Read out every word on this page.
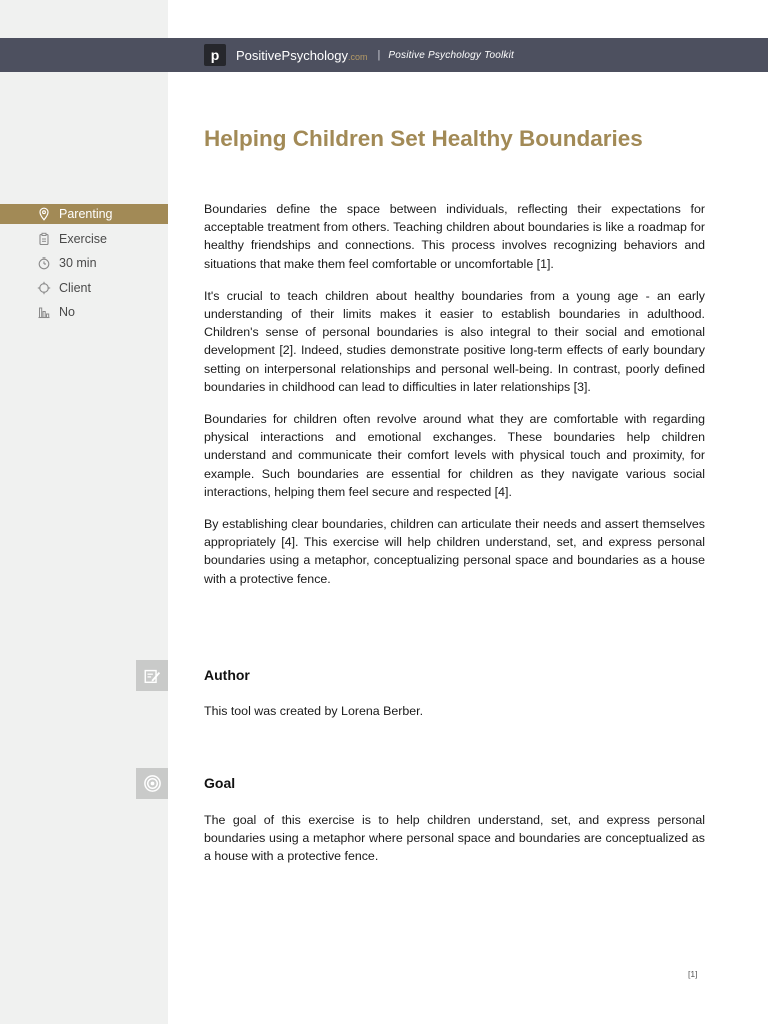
p PositivePsychology.com | Positive Psychology Toolkit
Helping Children Set Healthy Boundaries
Parenting
Exercise
30 min
Client
No

Boundaries define the space between individuals, reflecting their expectations for acceptable treatment from others. Teaching children about boundaries is like a roadmap for healthy friendships and connections. This process involves recognizing behaviors and situations that make them feel comfortable or uncomfortable [1].

It's crucial to teach children about healthy boundaries from a young age - an early understanding of their limits makes it easier to establish boundaries in adulthood. Children's sense of personal boundaries is also integral to their social and emotional development [2]. Indeed, studies demonstrate positive long-term effects of early boundary setting on interpersonal relationships and personal well-being. In contrast, poorly defined boundaries in childhood can lead to difficulties in later relationships [3].

Boundaries for children often revolve around what they are comfortable with regarding physical interactions and emotional exchanges. These boundaries help children understand and communicate their comfort levels with physical touch and proximity, for example. Such boundaries are essential for children as they navigate various social interactions, helping them feel secure and respected [4].

By establishing clear boundaries, children can articulate their needs and assert themselves appropriately [4]. This exercise will help children understand, set, and express personal boundaries using a metaphor, conceptualizing personal space and boundaries as a house with a protective fence.

Author

This tool was created by Lorena Berber.

Goal

The goal of this exercise is to help children understand, set, and express personal boundaries using a metaphor where personal space and boundaries are conceptualized as a house with a protective fence.

[1]
